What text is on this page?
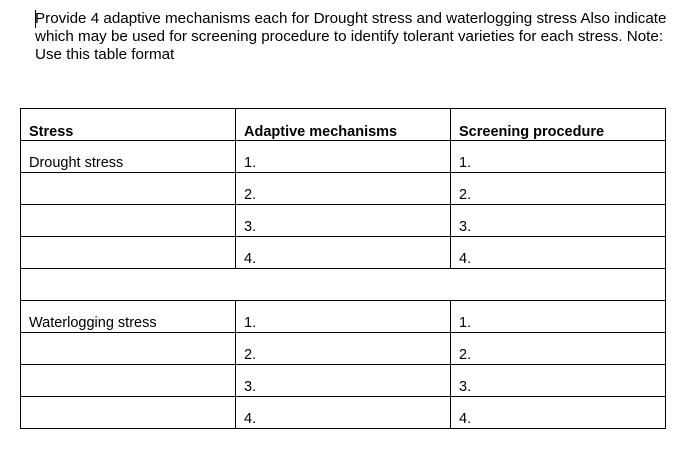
Provide 4 adaptive mechanisms each for Drought stress and waterlogging stress Also indicate which may be used for screening procedure to identify tolerant varieties for each stress. Note: Use this table format

Stress	Adaptive mechanisms	Screening procedure
Drought stress	1.	1.
	2.	2.
	3.	3.
	4.	4.

Waterlogging stress	1.	1.
	2.	2.
	3.	3.
	4.	4.
